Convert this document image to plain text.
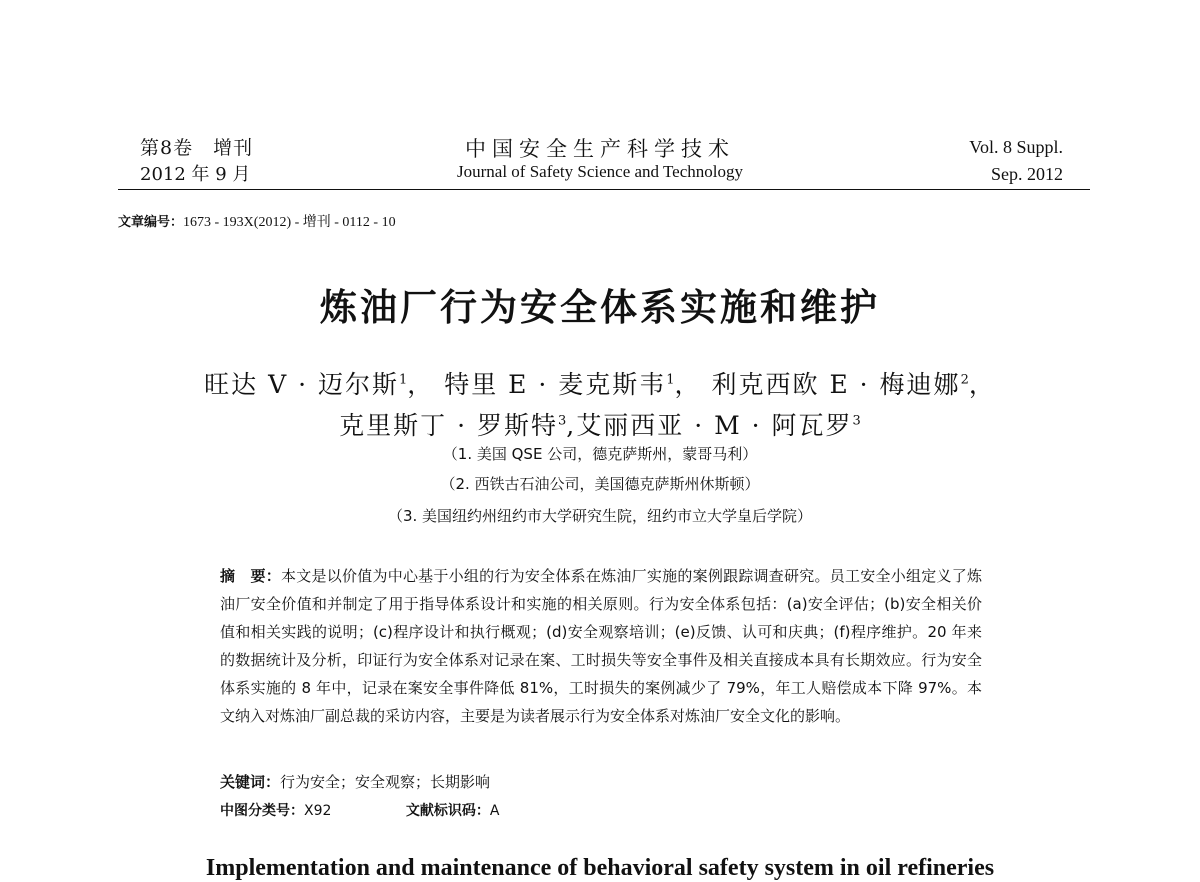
第8卷　增刊
2012 年 9 月
中国安全生产科学技术
Journal of Safety Science and Technology
Vol. 8 Suppl.
Sep. 2012
文章编号：1673 - 193X(2012) - 增刊 - 0112 - 10
炼油厂行为安全体系实施和维护
旺达 V · 迈尔斯$^1$， 特里 E · 麦克斯韦$^1$， 利克西欧 E · 梅迪娜$^2$，
克里斯丁 · 罗斯特$^3$,艾丽西亚 · M · 阿瓦罗$^3$
（1. 美国 QSE 公司，德克萨斯州，蒙哥马利）
（2. 西铁古石油公司，美国德克萨斯州休斯顿）
（3. 美国纽约州纽约市大学研究生院，纽约市立大学皇后学院）
摘　要：本文是以价值为中心基于小组的行为安全体系在炼油厂实施的案例跟踪调查研究。员工安全小组定义了炼油厂安全价值和并制定了用于指导体系设计和实施的相关原则。行为安全体系包括：(a)安全评估；(b)安全相关价值和相关实践的说明；(c)程序设计和执行概观；(d)安全观察培训；(e)反馈、认可和庆典；(f)程序维护。20 年来的数据统计及分析，印证行为安全体系对记录在案、工时损失等安全事件及相关直接成本具有长期效应。行为安全体系实施的 8 年中，记录在案安全事件降低 81%，工时损失的案例减少了 79%，年工人赔偿成本下降 97%。本文纳入对炼油厂副总裁的采访内容，主要是为读者展示行为安全体系对炼油厂安全文化的影响。
关键词：行为安全；安全观察；长期影响
中图分类号：X92	文献标识码：A
Implementation and maintenance of behavioral safety system in oil refineries
